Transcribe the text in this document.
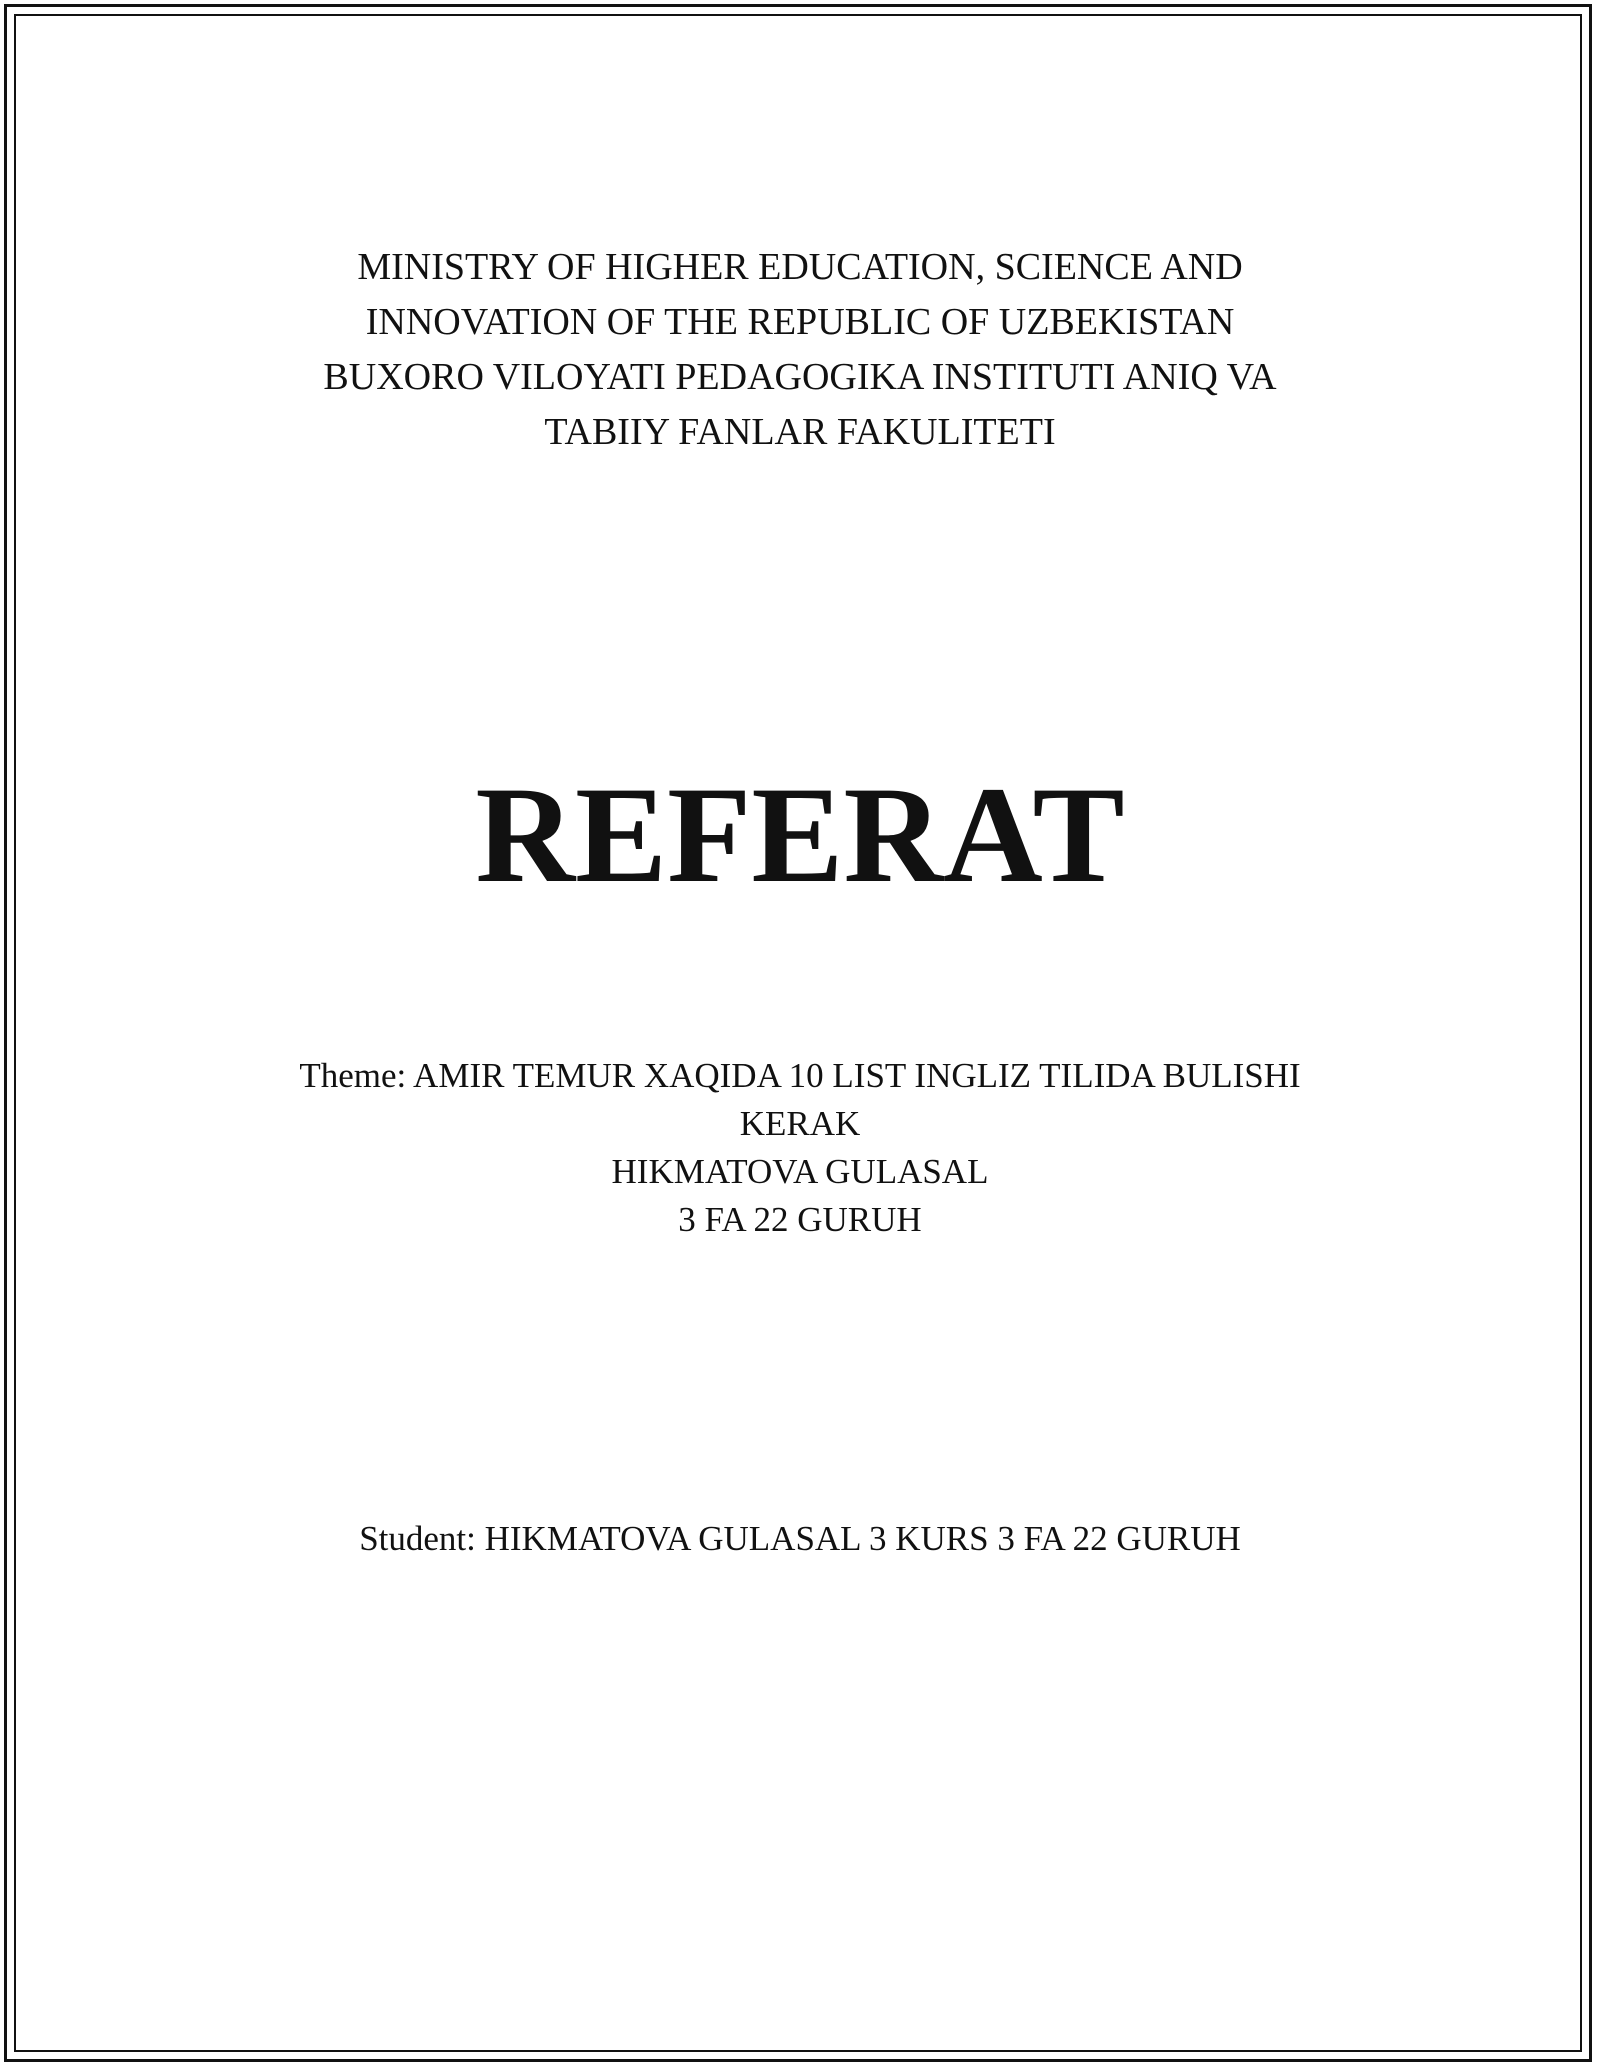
MINISTRY OF HIGHER EDUCATION, SCIENCE AND
INNOVATION OF THE REPUBLIC OF UZBEKISTAN
BUXORO VILOYATI PEDAGOGIKA INSTITUTI ANIQ VA
TABIIY FANLAR FAKULITETI
REFERAT
Theme: AMIR TEMUR XAQIDA 10 LIST INGLIZ TILIDA BULISHI
KERAK
HIKMATOVA GULASAL
3 FA 22 GURUH
Student: HIKMATOVA GULASAL 3 KURS 3 FA 22 GURUH
